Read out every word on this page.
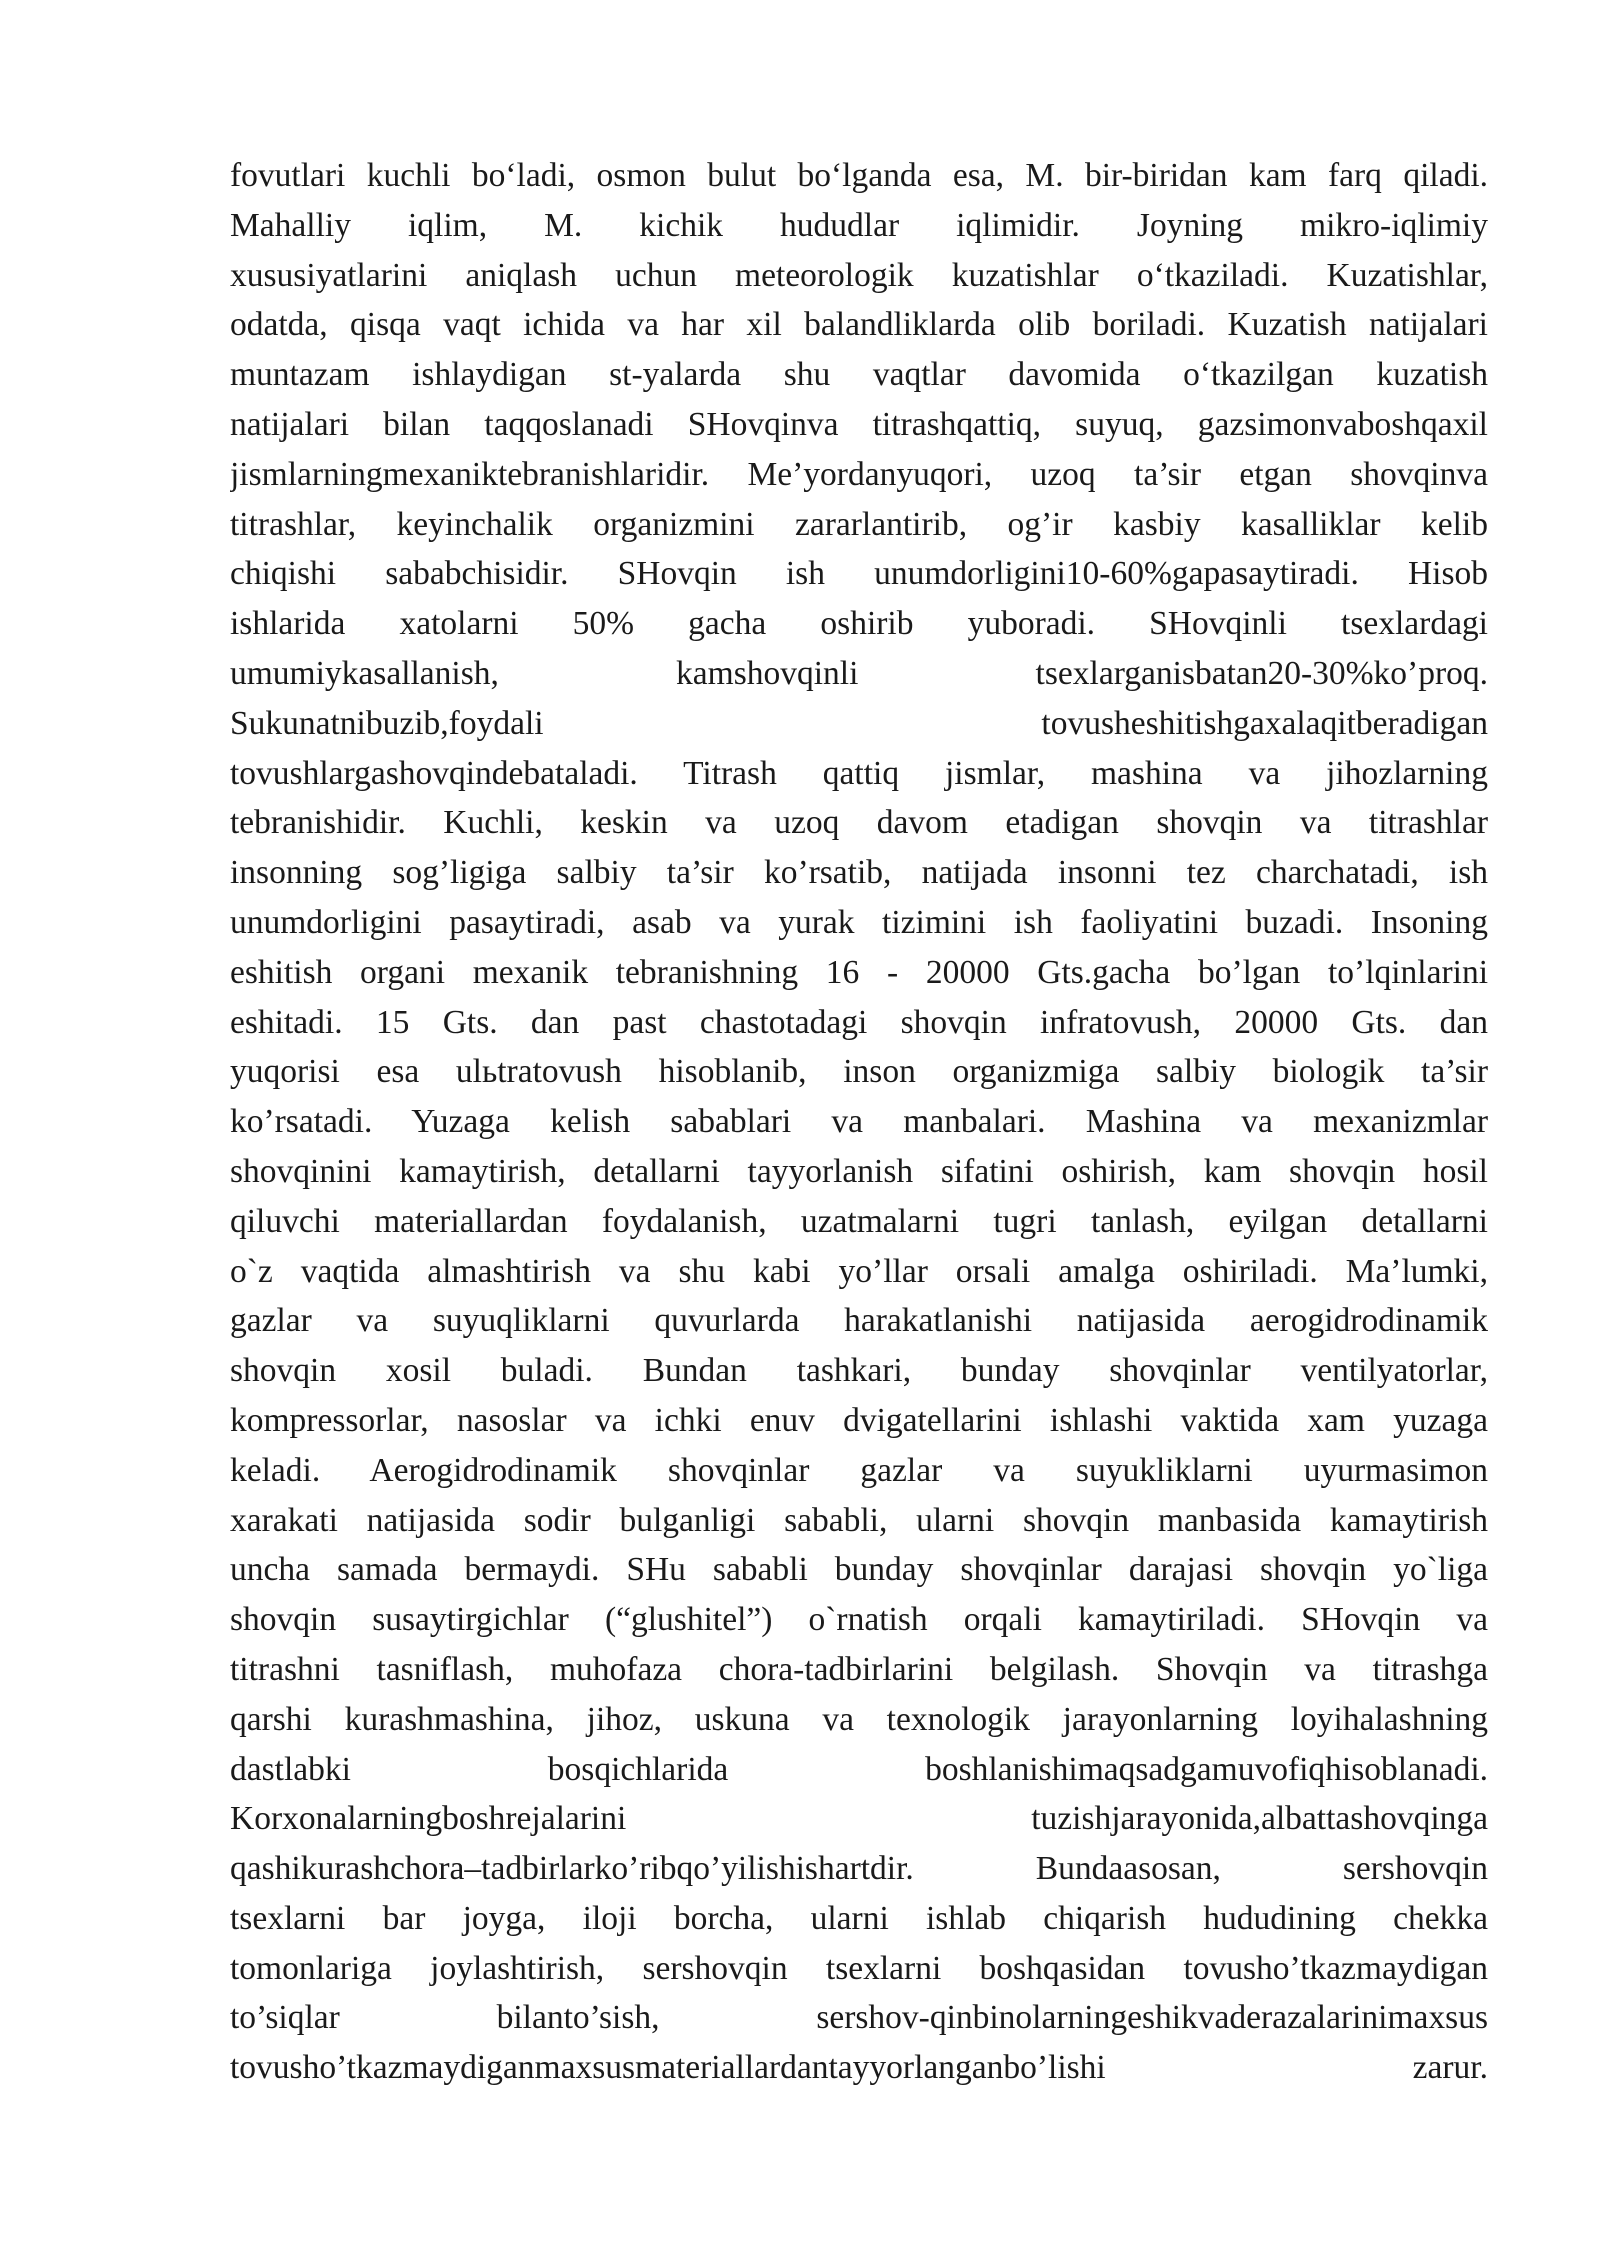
fovutlari kuchli bo‘ladi, osmon bulut bo‘lganda esa, M. bir-biridan kam farq qiladi.
Mahalliy iqlim, M. kichik hududlar iqlimidir. Joyning mikro-iqlimiy
xususiyatlarini aniqlash uchun meteorologik kuzatishlar o‘tkaziladi. Kuzatishlar,
odatda, qisqa vaqt ichida va har xil balandliklarda olib boriladi. Kuzatish natijalari
muntazam ishlaydigan st-yalarda shu vaqtlar davomida o‘tkazilgan kuzatish
natijalari bilan taqqoslanadi SHovqinva titrashqattiq, suyuq, gazsimonvaboshqaxil
jismlarningmexaniktebranishlaridir. Me’yordanyuqori, uzoq ta’sir etgan shovqinva
titrashlar, keyinchalik organizmini zararlantirib, og’ir kasbiy kasalliklar kelib
chiqishi sababchisidir. SHovqin ish unumdorligini10-60%gapasaytiradi. Hisob
ishlarida xatolarni 50% gacha oshirib yuboradi. SHovqinli tsexlardagi
umumiykasallanish, kamshovqinli tsexlarganisbatan20-30%ko’proq.
Sukunatnibuzib,foydali tovusheshitishgaxalaqitberadigan
tovushlargashovqindebataladi. Titrash qattiq jismlar, mashina va jihozlarning
tebranishidir. Kuchli, keskin va uzoq davom etadigan shovqin va titrashlar
insonning sog’ligiga salbiy ta’sir ko’rsatib, natijada insonni tez charchatadi, ish
unumdorligini pasaytiradi, asab va yurak tizimini ish faoliyatini buzadi. Insoning
eshitish organi mexanik tebranishning 16 - 20000 Gts.gacha bo’lgan to’lqinlarini
eshitadi. 15 Gts. dan past chastotadagi shovqin infratovush, 20000 Gts. dan
yuqorisi esa ulьtratovush hisoblanib, inson organizmiga salbiy biologik ta’sir
ko’rsatadi. Yuzaga kelish sabablari va manbalari. Mashina va mexanizmlar
shovqinini kamaytirish, detallarni tayyorlanish sifatini oshirish, kam shovqin hosil
qiluvchi materiallardan foydalanish, uzatmalarni tugri tanlash, eyilgan detallarni
o`z vaqtida almashtirish va shu kabi yo’llar orsali amalga oshiriladi. Ma’lumki,
gazlar va suyuqliklarni quvurlarda harakatlanishi natijasida aerogidrodinamik
shovqin xosil buladi. Bundan tashkari, bunday shovqinlar ventilyatorlar,
kompressorlar, nasoslar va ichki enuv dvigatellarini ishlashi vaktida xam yuzaga
keladi. Aerogidrodinamik shovqinlar gazlar va suyukliklarni uyurmasimon
xarakati natijasida sodir bulganligi sababli, ularni shovqin manbasida kamaytirish
uncha samada bermaydi. SHu sababli bunday shovqinlar darajasi shovqin yo`liga
shovqin susaytirgichlar (“glushitel”) o`rnatish orqali kamaytiriladi. SHovqin va
titrashni tasniflash, muhofaza chora-tadbirlarini belgilash. Shovqin va titrashga
qarshi kurashmashina, jihoz, uskuna va texnologik jarayonlarning loyihalashning
dastlabki bosqichlarida boshlanishimaqsadgamuvofiqhisoblanadi.
Korxonalarningboshrejalarini tuzishjarayonida,albattashovqinga
qashikurashchora–tadbirlarko’ribqo’yilishishartdir. Bundaasosan, sershovqin
tsexlarni bar joyga, iloji borcha, ularni ishlab chiqarish hududining chekka
tomonlariga joylashtirish, sershovqin tsexlarni boshqasidan tovusho’tkazmaydigan
to’siqlar bilanto’sish, sershov-qinbinolarningeshikvaderazalarinimaxsus
tovusho’tkazmaydiganmaxsusmateriallardantayyorlanganbo’lishi zarur.
